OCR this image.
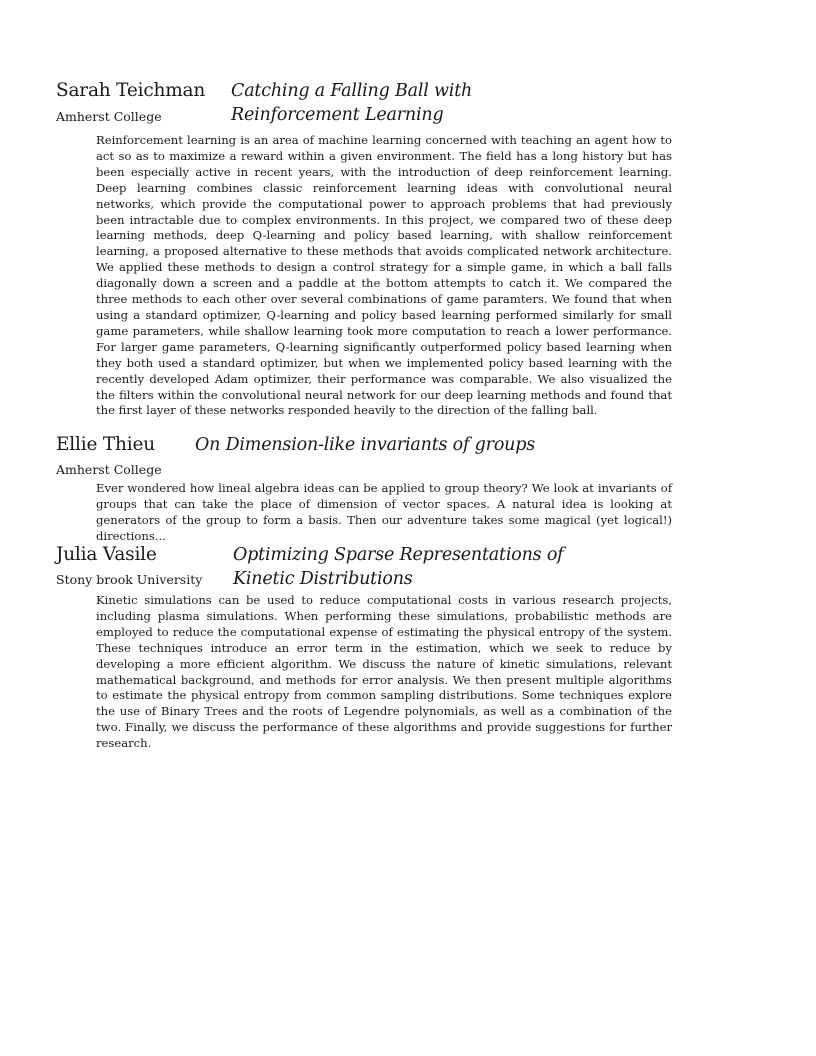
Sarah Teichman Catching a Falling Ball with
Amherst College	Reinforcement Learning

Reinforcement learning is an area of machine learning concerned with teaching an agent how to act so as to maximize a reward within a given environment. The field has a long history but has been especially active in recent years, with the introduction of deep reinforcement learning. Deep learning combines classic reinforcement learning ideas with convolutional neural networks, which provide the computational power to approach problems that had previously been intractable due to complex environments. In this project, we compared two of these deep learning methods, deep Q-learning and policy based learning, with shallow reinforcement learning, a proposed alternative to these methods that avoids complicated network architecture. We applied these methods to design a control strategy for a simple game, in which a ball falls diagonally down a screen and a paddle at the bottom attempts to catch it. We compared the three methods to each other over several combinations of game paramters. We found that when using a standard optimizer, Q-learning and policy based learning performed similarly for small game parameters, while shallow learning took more computation to reach a lower performance. For larger game parameters, Q-learning significantly outperformed policy based learning when they both used a standard optimizer, but when we implemented policy based learning with the recently developed Adam optimizer, their performance was comparable. We also visualized the the filters within the convolutional neural network for our deep learning methods and found that the first layer of these networks responded heavily to the direction of the falling ball.

Ellie Thieu On Dimension-like invariants of groups
Amherst College

Ever wondered how lineal algebra ideas can be applied to group theory? We look at invariants of groups that can take the place of dimension of vector spaces. A natural idea is looking at generators of the group to form a basis. Then our adventure takes some magical (yet logical!) directions...

Julia Vasile	Optimizing Sparse Representations of
Stony brook University Kinetic Distributions

Kinetic simulations can be used to reduce computational costs in various research projects, including plasma simulations. When performing these simulations, probabilistic methods are employed to reduce the computational expense of estimating the physical entropy of the system. These techniques introduce an error term in the estimation, which we seek to reduce by developing a more efficient algorithm. We discuss the nature of kinetic simulations, relevant mathematical background, and methods for error analysis. We then present multiple algorithms to estimate the physical entropy from common sampling distributions. Some techniques explore the use of Binary Trees and the roots of Legendre polynomials, as well as a combination of the two. Finally, we discuss the performance of these algorithms and provide suggestions for further research.
